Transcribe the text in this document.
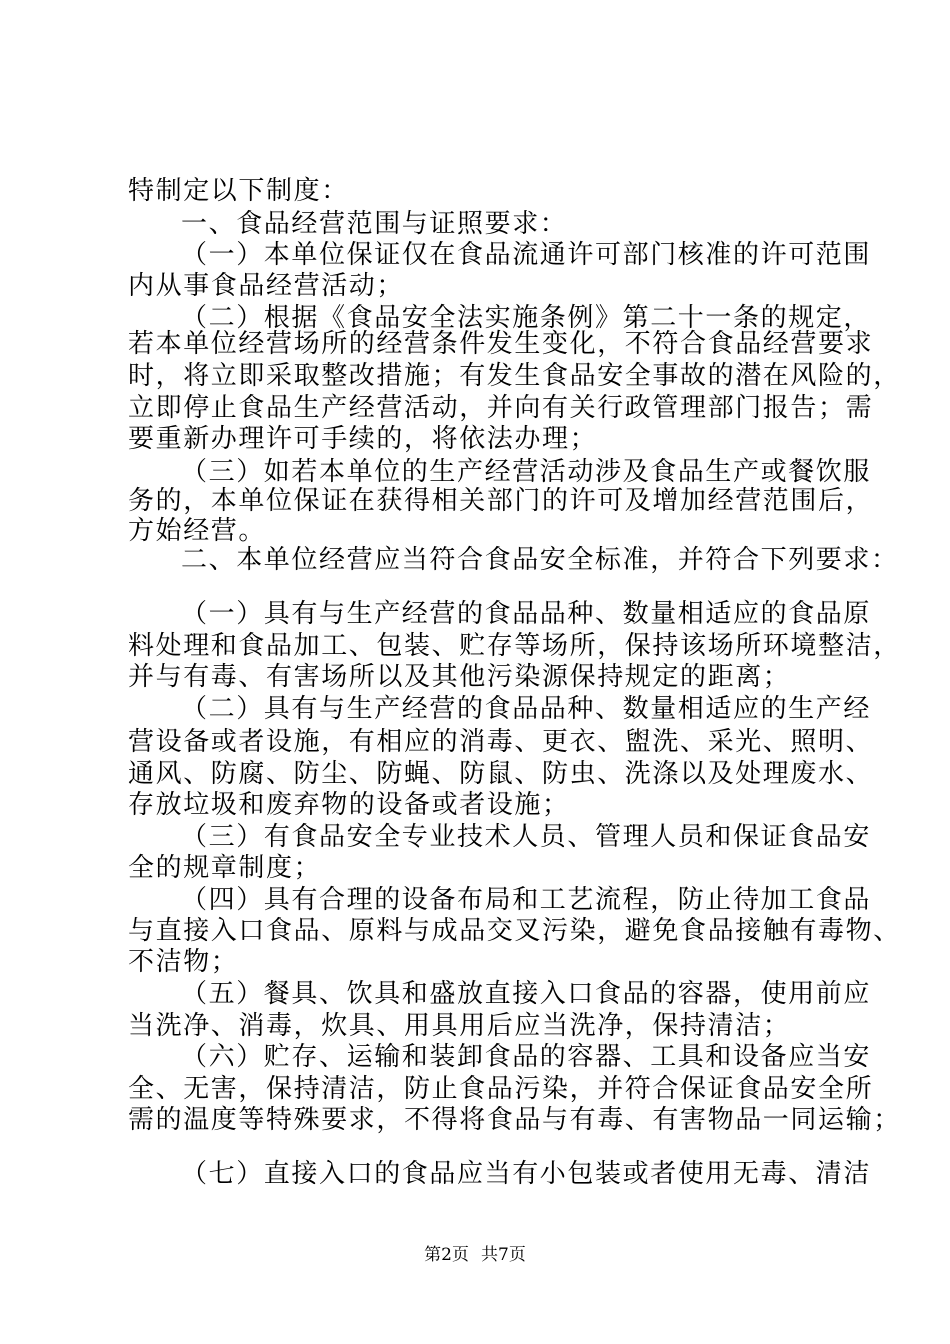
特制定以下制度：
一、食品经营范围与证照要求：
（一）本单位保证仅在食品流通许可部门核准的许可范围
内从事食品经营活动；
（二）根据《食品安全法实施条例》第二十一条的规定，
若本单位经营场所的经营条件发生变化，不符合食品经营要求
时，将立即采取整改措施；有发生食品安全事故的潜在风险的，
立即停止食品生产经营活动，并向有关行政管理部门报告；需
要重新办理许可手续的，将依法办理；
（三）如若本单位的生产经营活动涉及食品生产或餐饮服
务的，本单位保证在获得相关部门的许可及增加经营范围后，
方始经营。
二、本单位经营应当符合食品安全标准，并符合下列要求：
（一）具有与生产经营的食品品种、数量相适应的食品原
料处理和食品加工、包装、贮存等场所，保持该场所环境整洁，
并与有毒、有害场所以及其他污染源保持规定的距离；
（二）具有与生产经营的食品品种、数量相适应的生产经
营设备或者设施，有相应的消毒、更衣、盥洗、采光、照明、
通风、防腐、防尘、防蝇、防鼠、防虫、洗涤以及处理废水、
存放垃圾和废弃物的设备或者设施；
（三）有食品安全专业技术人员、管理人员和保证食品安
全的规章制度；
（四）具有合理的设备布局和工艺流程，防止待加工食品
与直接入口食品、原料与成品交叉污染，避免食品接触有毒物、
不洁物；
（五）餐具、饮具和盛放直接入口食品的容器，使用前应
当洗净、消毒，炊具、用具用后应当洗净，保持清洁；
（六）贮存、运输和装卸食品的容器、工具和设备应当安
全、无害，保持清洁，防止食品污染，并符合保证食品安全所
需的温度等特殊要求，不得将食品与有毒、有害物品一同运输；
（七）直接入口的食品应当有小包装或者使用无毒、清洁
第2页 共7页
